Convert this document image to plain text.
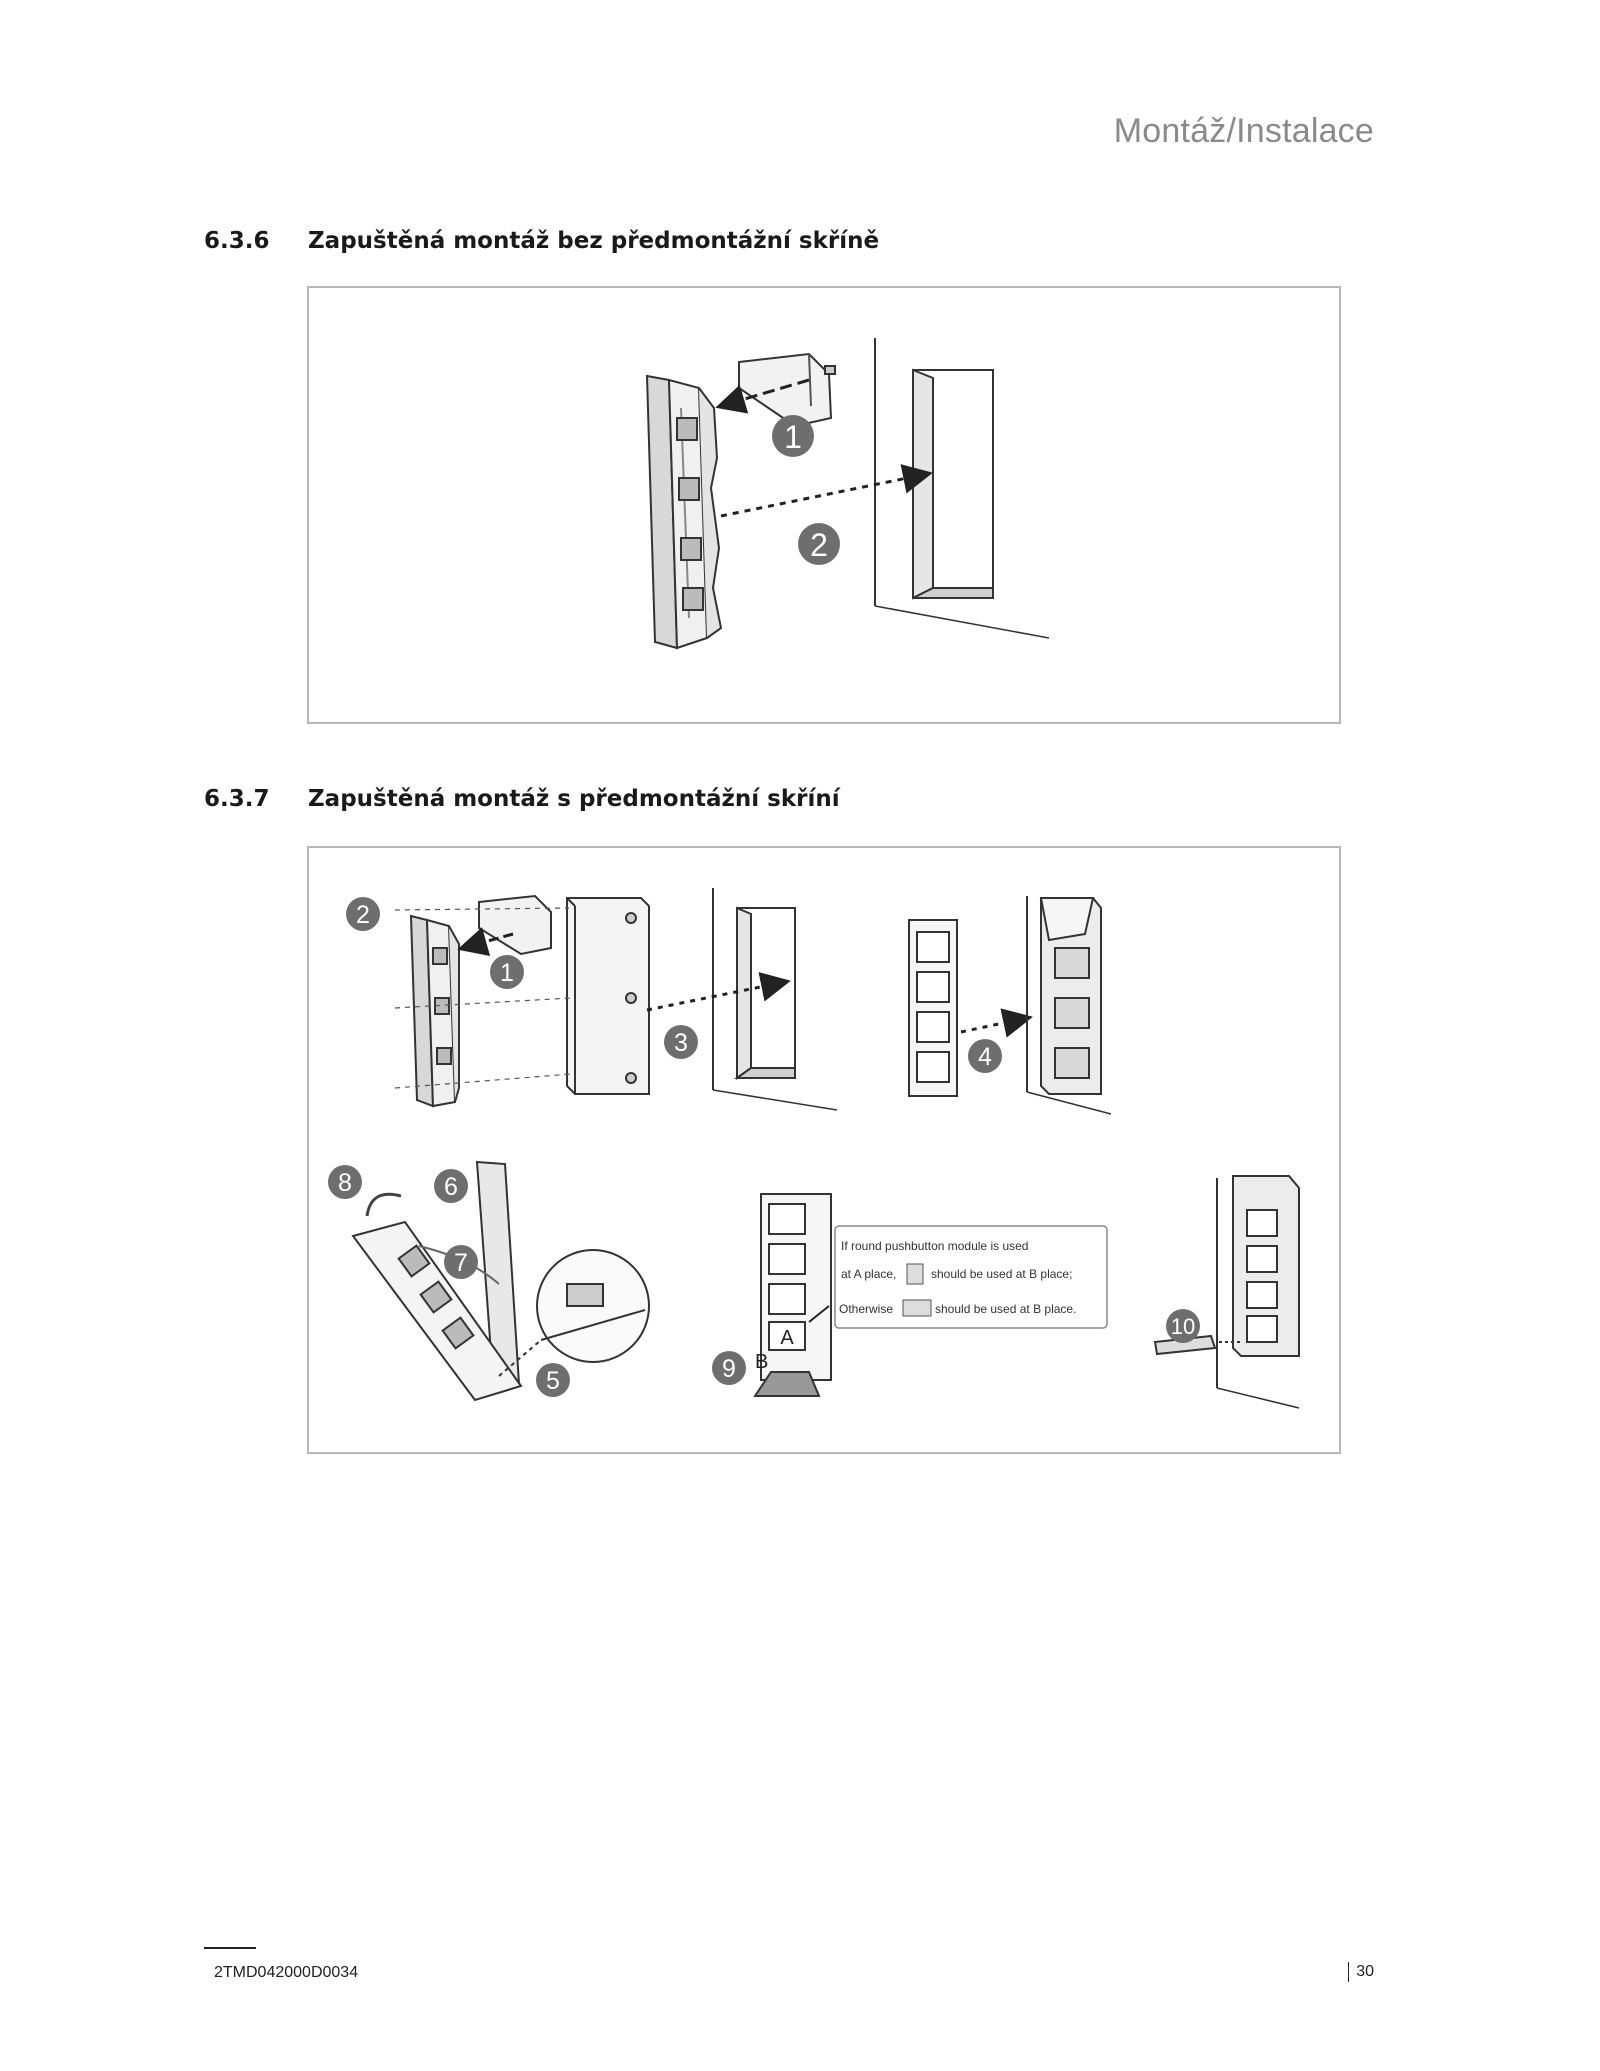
Montáž/Instalace
6.3.6 Zapuštěná montáž bez předmontážní skříně
1
2
6.3.7 Zapuštěná montáž s předmontážní skříní
A
B
If round pushbutton module is used
at A place,	should be used at B place;
Otherwise	should be used at B place.
1
2
3	4
5
6
7
8
9
10
2TMD042000D0034	30
